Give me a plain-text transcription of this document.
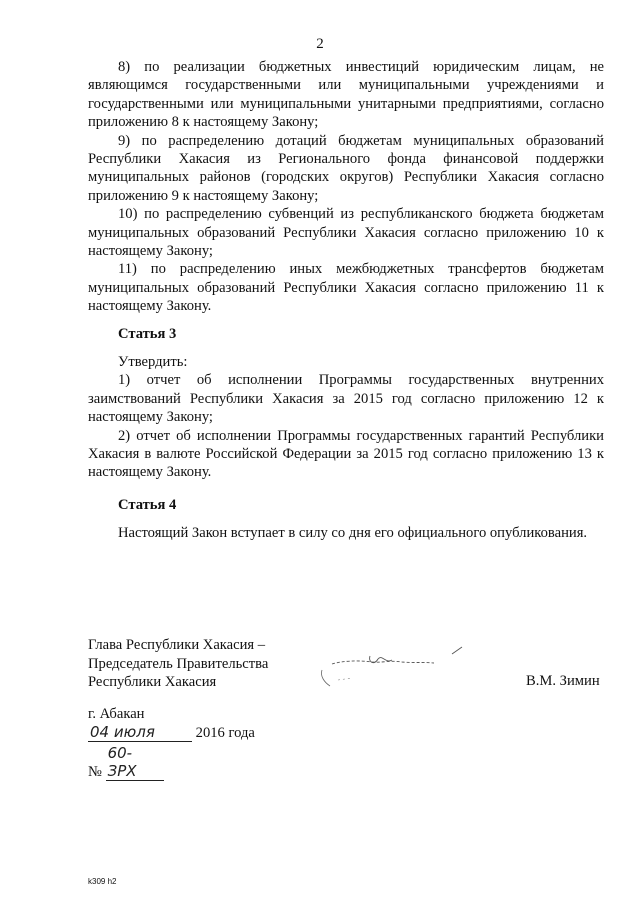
2

8) по реализации бюджетных инвестиций юридическим лицам, не являющимся государственными или муниципальными учреждениями и государственными или муниципальными унитарными предприятиями, согласно приложению 8 к настоящему Закону;

9) по распределению дотаций бюджетам муниципальных образований Республики Хакасия из Регионального фонда финансовой поддержки муниципальных районов (городских округов) Республики Хакасия согласно приложению 9 к настоящему Закону;

10) по распределению субвенций из республиканского бюджета бюджетам муниципальных образований Республики Хакасия согласно приложению 10 к настоящему Закону;

11) по распределению иных межбюджетных трансфертов бюджетам муниципальных образований Республики Хакасия согласно приложению 11 к настоящему Закону.

Статья 3

Утвердить:

1) отчет об исполнении Программы государственных внутренних заимствований Республики Хакасия за 2015 год согласно приложению 12 к настоящему Закону;

2) отчет об исполнении Программы государственных гарантий Республики Хакасия в валюте Российской Федерации за 2015 год согласно приложению 13 к настоящему Закону.

Статья 4

Настоящий Закон вступает в силу со дня его официального опубликования.

Глава Республики Хакасия –
Председатель Правительства
Республики Хакасия	В.М. Зимин
г. Абакан
04 июля	2016 года
№ 60-ЗРХ
k309 h2
